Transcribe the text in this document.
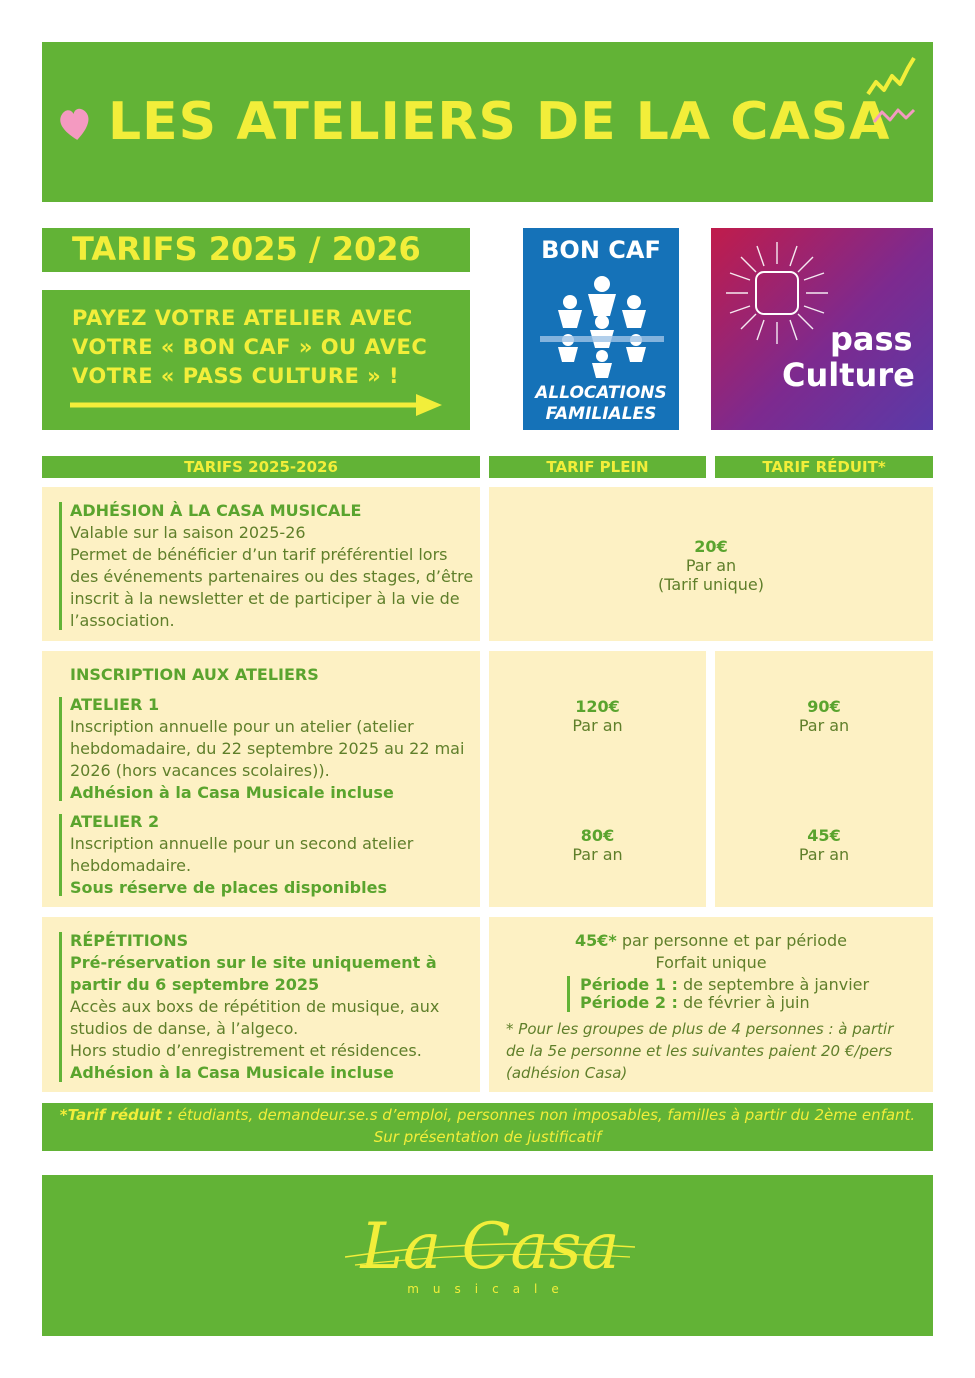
LES ATELIERS DE LA CASA
TARIFS 2025 / 2026
PAYEZ VOTRE ATELIER AVEC
VOTRE « BON CAF » OU AVEC
VOTRE « PASS CULTURE » !
BON CAF
ALLOCATIONS
FAMILIALES
pass
Culture
TARIFS 2025-2026	TARIF PLEIN	TARIF RÉDUIT*
ADHÉSION À LA CASA MUSICALE
Valable sur la saison 2025-26
Permet de bénéficier d’un tarif préférentiel lors
des événements partenaires ou des stages, d’être
inscrit à la newsletter et de participer à la vie de
l’association.
20€
Par an
(Tarif unique)
INSCRIPTION AUX ATELIERS
ATELIER 1
Inscription annuelle pour un atelier (atelier
hebdomadaire, du 22 septembre 2025 au 22 mai
2026 (hors vacances scolaires)).
Adhésion à la Casa Musicale incluse
120€
Par an
90€
Par an
ATELIER 2
Inscription annuelle pour un second atelier
hebdomadaire.
Sous réserve de places disponibles
80€
Par an
45€
Par an
RÉPÉTITIONS
Pré-réservation sur le site uniquement à
partir du 6 septembre 2025
Accès aux boxs de répétition de musique, aux
studios de danse, à l’algeco.
Hors studio d’enregistrement et résidences.
Adhésion à la Casa Musicale incluse
45€* par personne et par période
Forfait unique
Période 1 : de septembre à janvier
Période 2 : de février à juin
* Pour les groupes de plus de 4 personnes : à partir
de la 5e personne et les suivantes paient 20 €/pers
(adhésion Casa)
*Tarif réduit : étudiants, demandeur.se.s d’emploi, personnes non imposables, familles à partir du 2ème enfant.
Sur présentation de justificatif
La Casa
musicale
